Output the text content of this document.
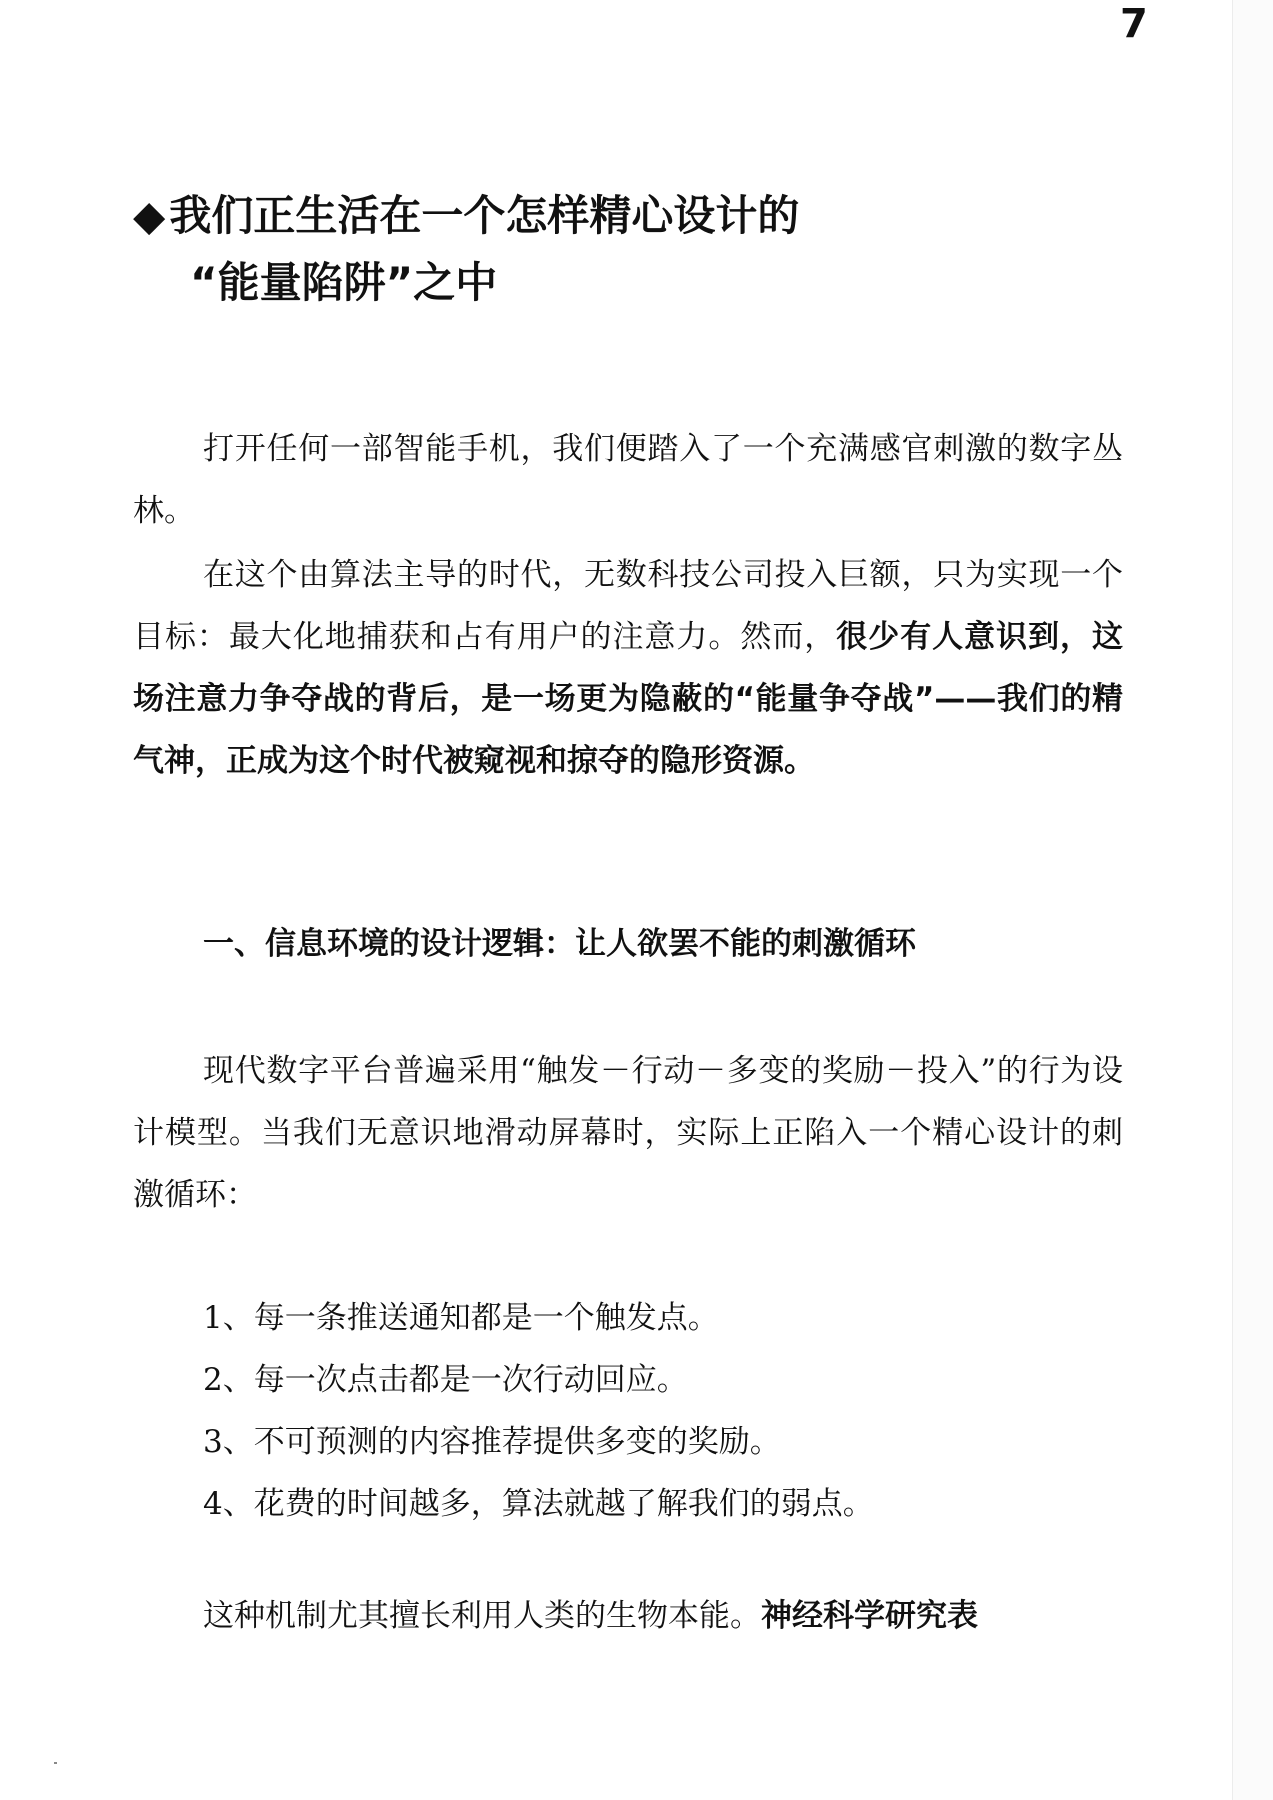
7
◆我们正生活在一个怎样精心设计的
“能量陷阱”之中

打开任何一部智能手机，我们便踏入了一个充满感官刺激的数字丛林。

在这个由算法主导的时代，无数科技公司投入巨额，只为实现一个目标：最大化地捕获和占有用户的注意力。然而，很少有人意识到，这场注意力争夺战的背后，是一场更为隐蔽的“能量争夺战”——我们的精气神，正成为这个时代被窥视和掠夺的隐形资源。

一、信息环境的设计逻辑：让人欲罢不能的刺激循环

现代数字平台普遍采用“触发－行动－多变的奖励－投入”的行为设计模型。当我们无意识地滑动屏幕时，实际上正陷入一个精心设计的刺激循环：

1、每一条推送通知都是一个触发点。
2、每一次点击都是一次行动回应。
3、不可预测的内容推荐提供多变的奖励。
4、花费的时间越多，算法就越了解我们的弱点。

这种机制尤其擅长利用人类的生物本能。神经科学研究表
